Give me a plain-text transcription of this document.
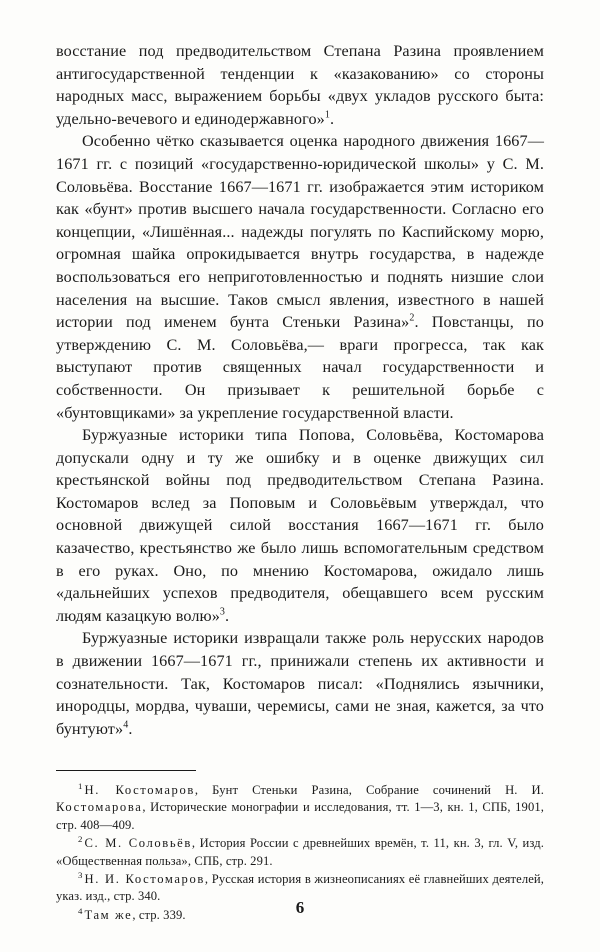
восстание под предводительством Степана Разина проявлением антигосударственной тенденции к «казакованию» со стороны народных масс, выражением борьбы «двух укладов русского быта: удельно-вечевого и единодержавного»$^1$.

Особенно чётко сказывается оценка народного движения 1667—1671 гг. с позиций «государственно-юридической школы» у С. М. Соловьёва. Восстание 1667—1671 гг. изображается этим историком как «бунт» против высшего начала государственности. Согласно его концепции, «Лишённая... надежды погулять по Каспийскому морю, огромная шайка опрокидывается внутрь государства, в надежде воспользоваться его неприготовленностью и поднять низшие слои населения на высшие. Таков смысл явления, известного в нашей истории под именем бунта Стеньки Разина»$^2$. Повстанцы, по утверждению С. М. Соловьёва,— враги прогресса, так как выступают против священных начал государственности и собственности. Он призывает к решительной борьбе с «бунтовщиками» за укрепление государственной власти.

Буржуазные историки типа Попова, Соловьёва, Костомарова допускали одну и ту же ошибку и в оценке движущих сил крестьянской войны под предводительством Степана Разина. Костомаров вслед за Поповым и Соловьёвым утверждал, что основной движущей силой восстания 1667—1671 гг. было казачество, крестьянство же было лишь вспомогательным средством в его руках. Оно, по мнению Костомарова, ожидало лишь «дальнейших успехов предводителя, обещавшего всем русским людям казацкую волю»$^3$.

Буржуазные историки извращали также роль нерусских народов в движении 1667—1671 гг., принижали степень их активности и сознательности. Так, Костомаров писал: «Поднялись язычники, инородцы, мордва, чуваши, черемисы, сами не зная, кажется, за что бунтуют»$^4$.

$^1$ Н. Костомаров, Бунт Стеньки Разина, Собрание сочинений Н. И. Костомарова, Исторические монографии и исследования, тт. 1—3, кн. 1, СПБ, 1901, стр. 408—409.

$^2$ С. М. Соловьёв, История России с древнейших времён, т. 11, кн. 3, гл. V, изд. «Общественная польза», СПБ, стр. 291.

$^3$ Н. И. Костомаров, Русская история в жизнеописаниях её главнейших деятелей, указ. изд., стр. 340.

$^4$ Там же, стр. 339.	6
